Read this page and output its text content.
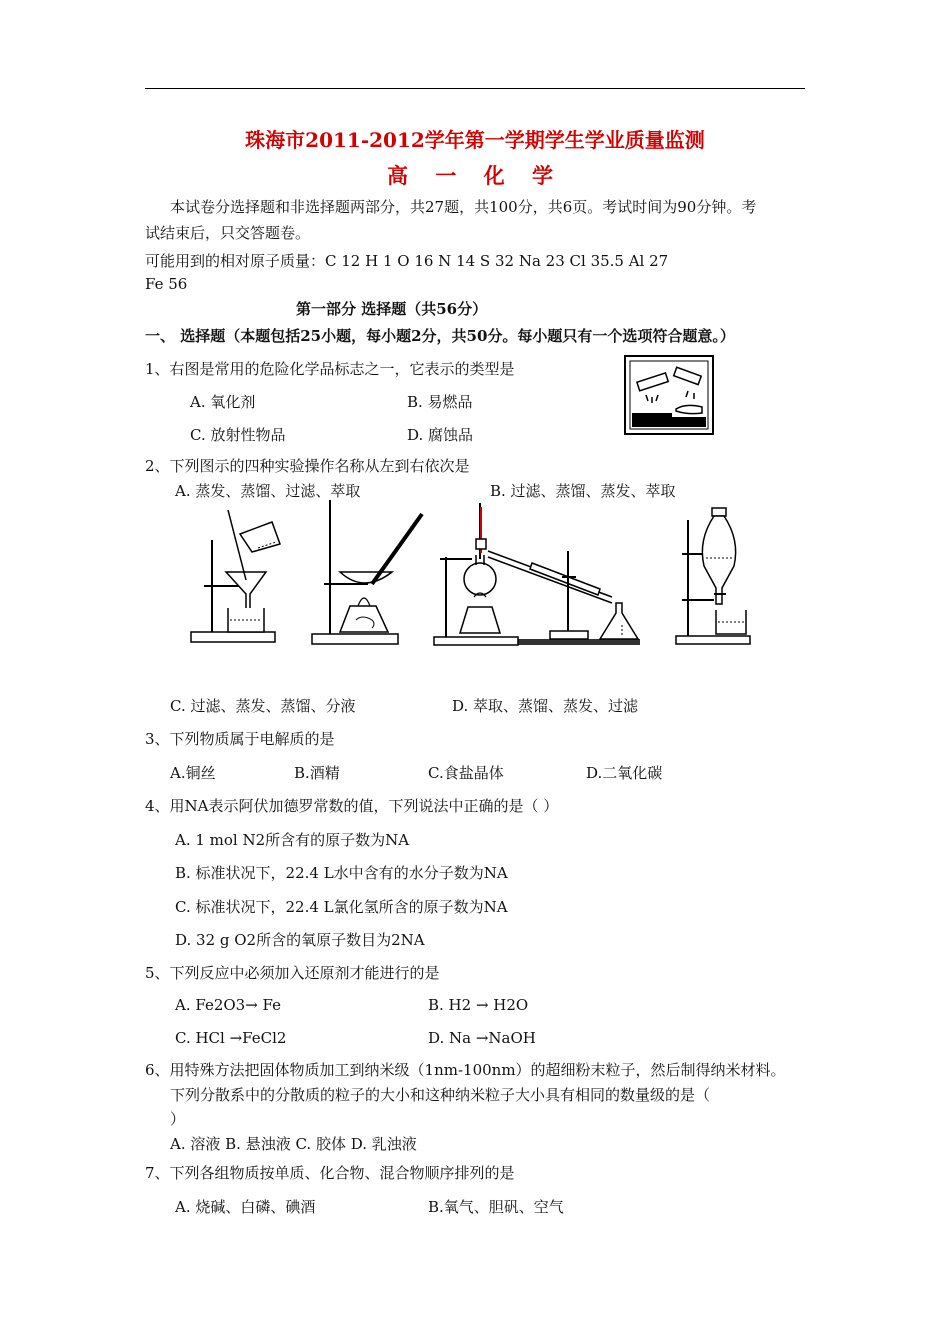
珠海市2011-2012学年第一学期学生学业质量监测
高 一 化 学
本试卷分选择题和非选择题两部分，共27题，共100分，共6页。考试时间为90分钟。考
试结束后，只交答题卷。
可能用到的相对原子质量：C 12 H 1 O 16 N 14 S 32 Na 23 Cl 35.5 Al 27
Fe 56
第一部分 选择题（共56分）
一、 选择题（本题包括25小题，每小题2分，共50分。每小题只有一个选项符合题意。）
1、右图是常用的危险化学品标志之一，它表示的类型是
A. 氧化剂	B. 易燃品
C. 放射性物品	D. 腐蚀品
2、下列图示的四种实验操作名称从左到右依次是
A. 蒸发、蒸馏、过滤、萃取	B. 过滤、蒸馏、蒸发、萃取
C. 过滤、蒸发、蒸馏、分液	D. 萃取、蒸馏、蒸发、过滤
3、下列物质属于电解质的是
A.铜丝	B.酒精	C.食盐晶体	D.二氧化碳
4、用NA表示阿伏加德罗常数的值，下列说法中正确的是（ ）
A. 1 mol N2所含有的原子数为NA
B. 标准状况下，22.4 L水中含有的水分子数为NA
C. 标准状况下，22.4 L氯化氢所含的原子数为NA
D. 32 g O2所含的氧原子数目为2NA
5、下列反应中必须加入还原剂才能进行的是
A. Fe2O3→ Fe	B. H2 → H2O
C. HCl →FeCl2	D. Na →NaOH
6、用特殊方法把固体物质加工到纳米级（1nm-100nm）的超细粉末粒子，然后制得纳米材料。
下列分散系中的分散质的粒子的大小和这种纳米粒子大小具有相同的数量级的是（
）
A. 溶液 B. 悬浊液 C. 胶体 D. 乳浊液
7、下列各组物质按单质、化合物、混合物顺序排列的是
A. 烧碱、白磷、碘酒	B.氧气、胆矾、空气
